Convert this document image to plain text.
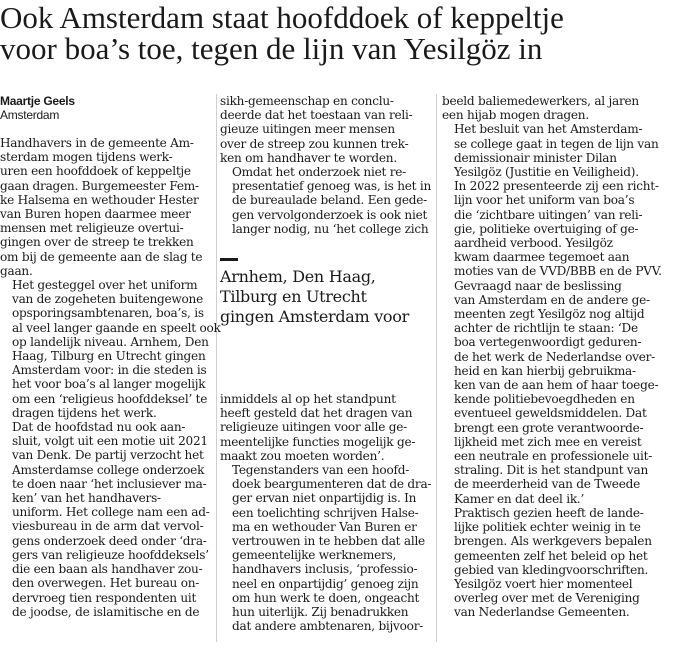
Ook Amsterdam staat hoofddoek of keppeltje
voor boa’s toe, tegen de lijn van Yesilgöz in
Maartje Geels
Amsterdam

Handhavers in de gemeente Am-
sterdam mogen tijdens werk-
uren een hoofddoek of keppeltje
gaan dragen. Burgemeester Fem-
ke Halsema en wethouder Hester
van Buren hopen daarmee meer
mensen met religieuze overtui-
gingen over de streep te trekken
om bij de gemeente aan de slag te
gaan.

Het gesteggel over het uniform
van de zogeheten buitengewone
opsporingsambtenaren, boa’s, is
al veel langer gaande en speelt ook
op landelijk niveau. Arnhem, Den
Haag, Tilburg en Utrecht gingen
Amsterdam voor: in die steden is
het voor boa’s al langer mogelijk
om een ‘religieus hoofddeksel’ te
dragen tijdens het werk.

Dat de hoofdstad nu ook aan-
sluit, volgt uit een motie uit 2021
van Denk. De partij verzocht het
Amsterdamse college onderzoek
te doen naar ‘het inclusiever ma-
ken’ van het handhavers-
uniform. Het college nam een ad-
viesbureau in de arm dat vervol-
gens onderzoek deed onder ‘dra-
gers van religieuze hoofddeksels’
die een baan als handhaver zou-
den overwegen. Het bureau on-
dervroeg tien respondenten uit
de joodse, de islamitische en de

sikh-gemeenschap en conclu-
deerde dat het toestaan van reli-
gieuze uitingen meer mensen
over de streep zou kunnen trek-
ken om handhaver te worden.

Omdat het onderzoek niet re-
presentatief genoeg was, is het in
de bureaulade beland. Een gede-
gen vervolgonderzoek is ook niet
langer nodig, nu ‘het college zich

Arnhem, Den Haag,
Tilburg en Utrecht
gingen Amsterdam voor

inmiddels al op het standpunt
heeft gesteld dat het dragen van
religieuze uitingen voor alle ge-
meentelijke functies mogelijk ge-
maakt zou moeten worden’.

Tegenstanders van een hoofd-
doek beargumenteren dat de dra-
ger ervan niet onpartijdig is. In
een toelichting schrijven Halse-
ma en wethouder Van Buren er
vertrouwen in te hebben dat alle
gemeentelijke werknemers,
handhavers inclusis, ‘professio-
neel en onpartijdig’ genoeg zijn
om hun werk te doen, ongeacht
hun uiterlijk. Zij benadrukken
dat andere ambtenaren, bijvoor-

beeld baliemedewerkers, al jaren
een hijab mogen dragen.

Het besluit van het Amsterdam-
se college gaat in tegen de lijn van
demissionair minister Dilan
Yesilgöz (Justitie en Veiligheid).
In 2022 presenteerde zij een richt-
lijn voor het uniform van boa’s
die ‘zichtbare uitingen’ van reli-
gie, politieke overtuiging of ge-
aardheid verbood. Yesilgöz
kwam daarmee tegemoet aan
moties van de VVD/BBB en de PVV.

Gevraagd naar de beslissing
van Amsterdam en de andere ge-
meenten zegt Yesilgöz nog altijd
achter de richtlijn te staan: ‘De
boa vertegenwoordigt geduren-
de het werk de Nederlandse over-
heid en kan hierbij gebruikma-
ken van de aan hem of haar toege-
kende politiebevoegdheden en
eventueel geweldsmiddelen. Dat
brengt een grote verantwoorde-
lijkheid met zich mee en vereist
een neutrale en professionele uit-
straling. Dit is het standpunt van
de meerderheid van de Tweede
Kamer en dat deel ik.’

Praktisch gezien heeft de lande-
lijke politiek echter weinig in te
brengen. Als werkgevers bepalen
gemeenten zelf het beleid op het
gebied van kledingvoorschriften.
Yesilgöz voert hier momenteel
overleg over met de Vereniging
van Nederlandse Gemeenten.
